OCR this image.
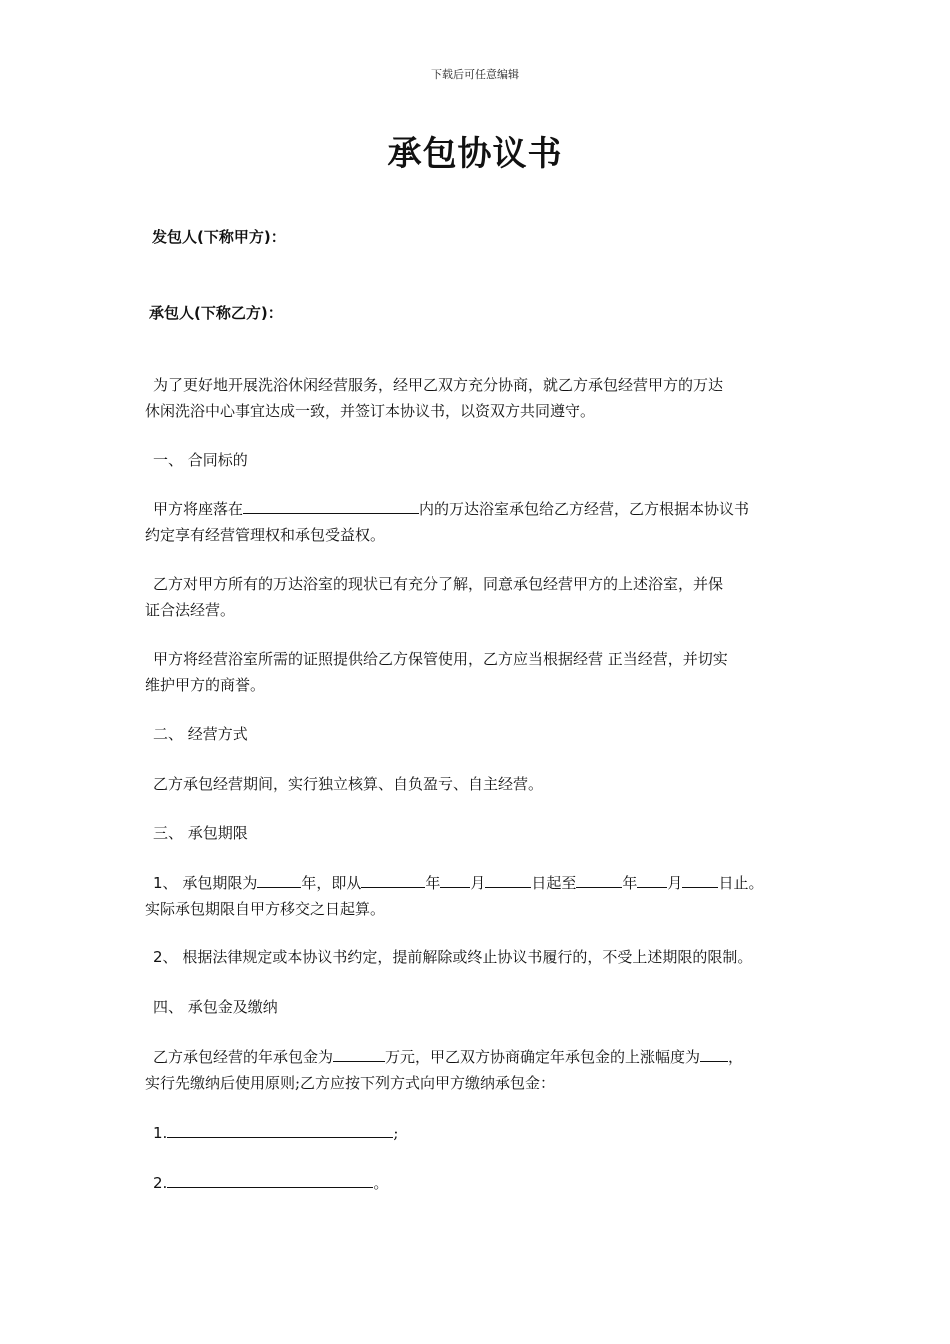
下载后可任意编辑
承包协议书
发包人(下称甲方)：
承包人(下称乙方)：
为了更好地开展洗浴休闲经营服务，经甲乙双方充分协商，就乙方承包经营甲方的万达
休闲洗浴中心事宜达成一致，并签订本协议书，以资双方共同遵守。
一、 合同标的
甲方将座落在	内的万达浴室承包给乙方经营，乙方根据本协议书
约定享有经营管理权和承包受益权。
乙方对甲方所有的万达浴室的现状已有充分了解，同意承包经营甲方的上述浴室，并保
证合法经营。
甲方将经营浴室所需的证照提供给乙方保管使用，乙方应当根据经营 正当经营，并切实
维护甲方的商誉。
二、 经营方式
乙方承包经营期间，实行独立核算、自负盈亏、自主经营。
三、 承包期限
1、 承包期限为	年，即从	年 月	日起至	年 月 日止。
实际承包期限自甲方移交之日起算。
2、 根据法律规定或本协议书约定，提前解除或终止协议书履行的，不受上述期限的限制。
四、 承包金及缴纳
乙方承包经营的年承包金为	万元，甲乙双方协商确定年承包金的上涨幅度为 ，
实行先缴纳后使用原则;乙方应按下列方式向甲方缴纳承包金：
1.	;
2.	。
